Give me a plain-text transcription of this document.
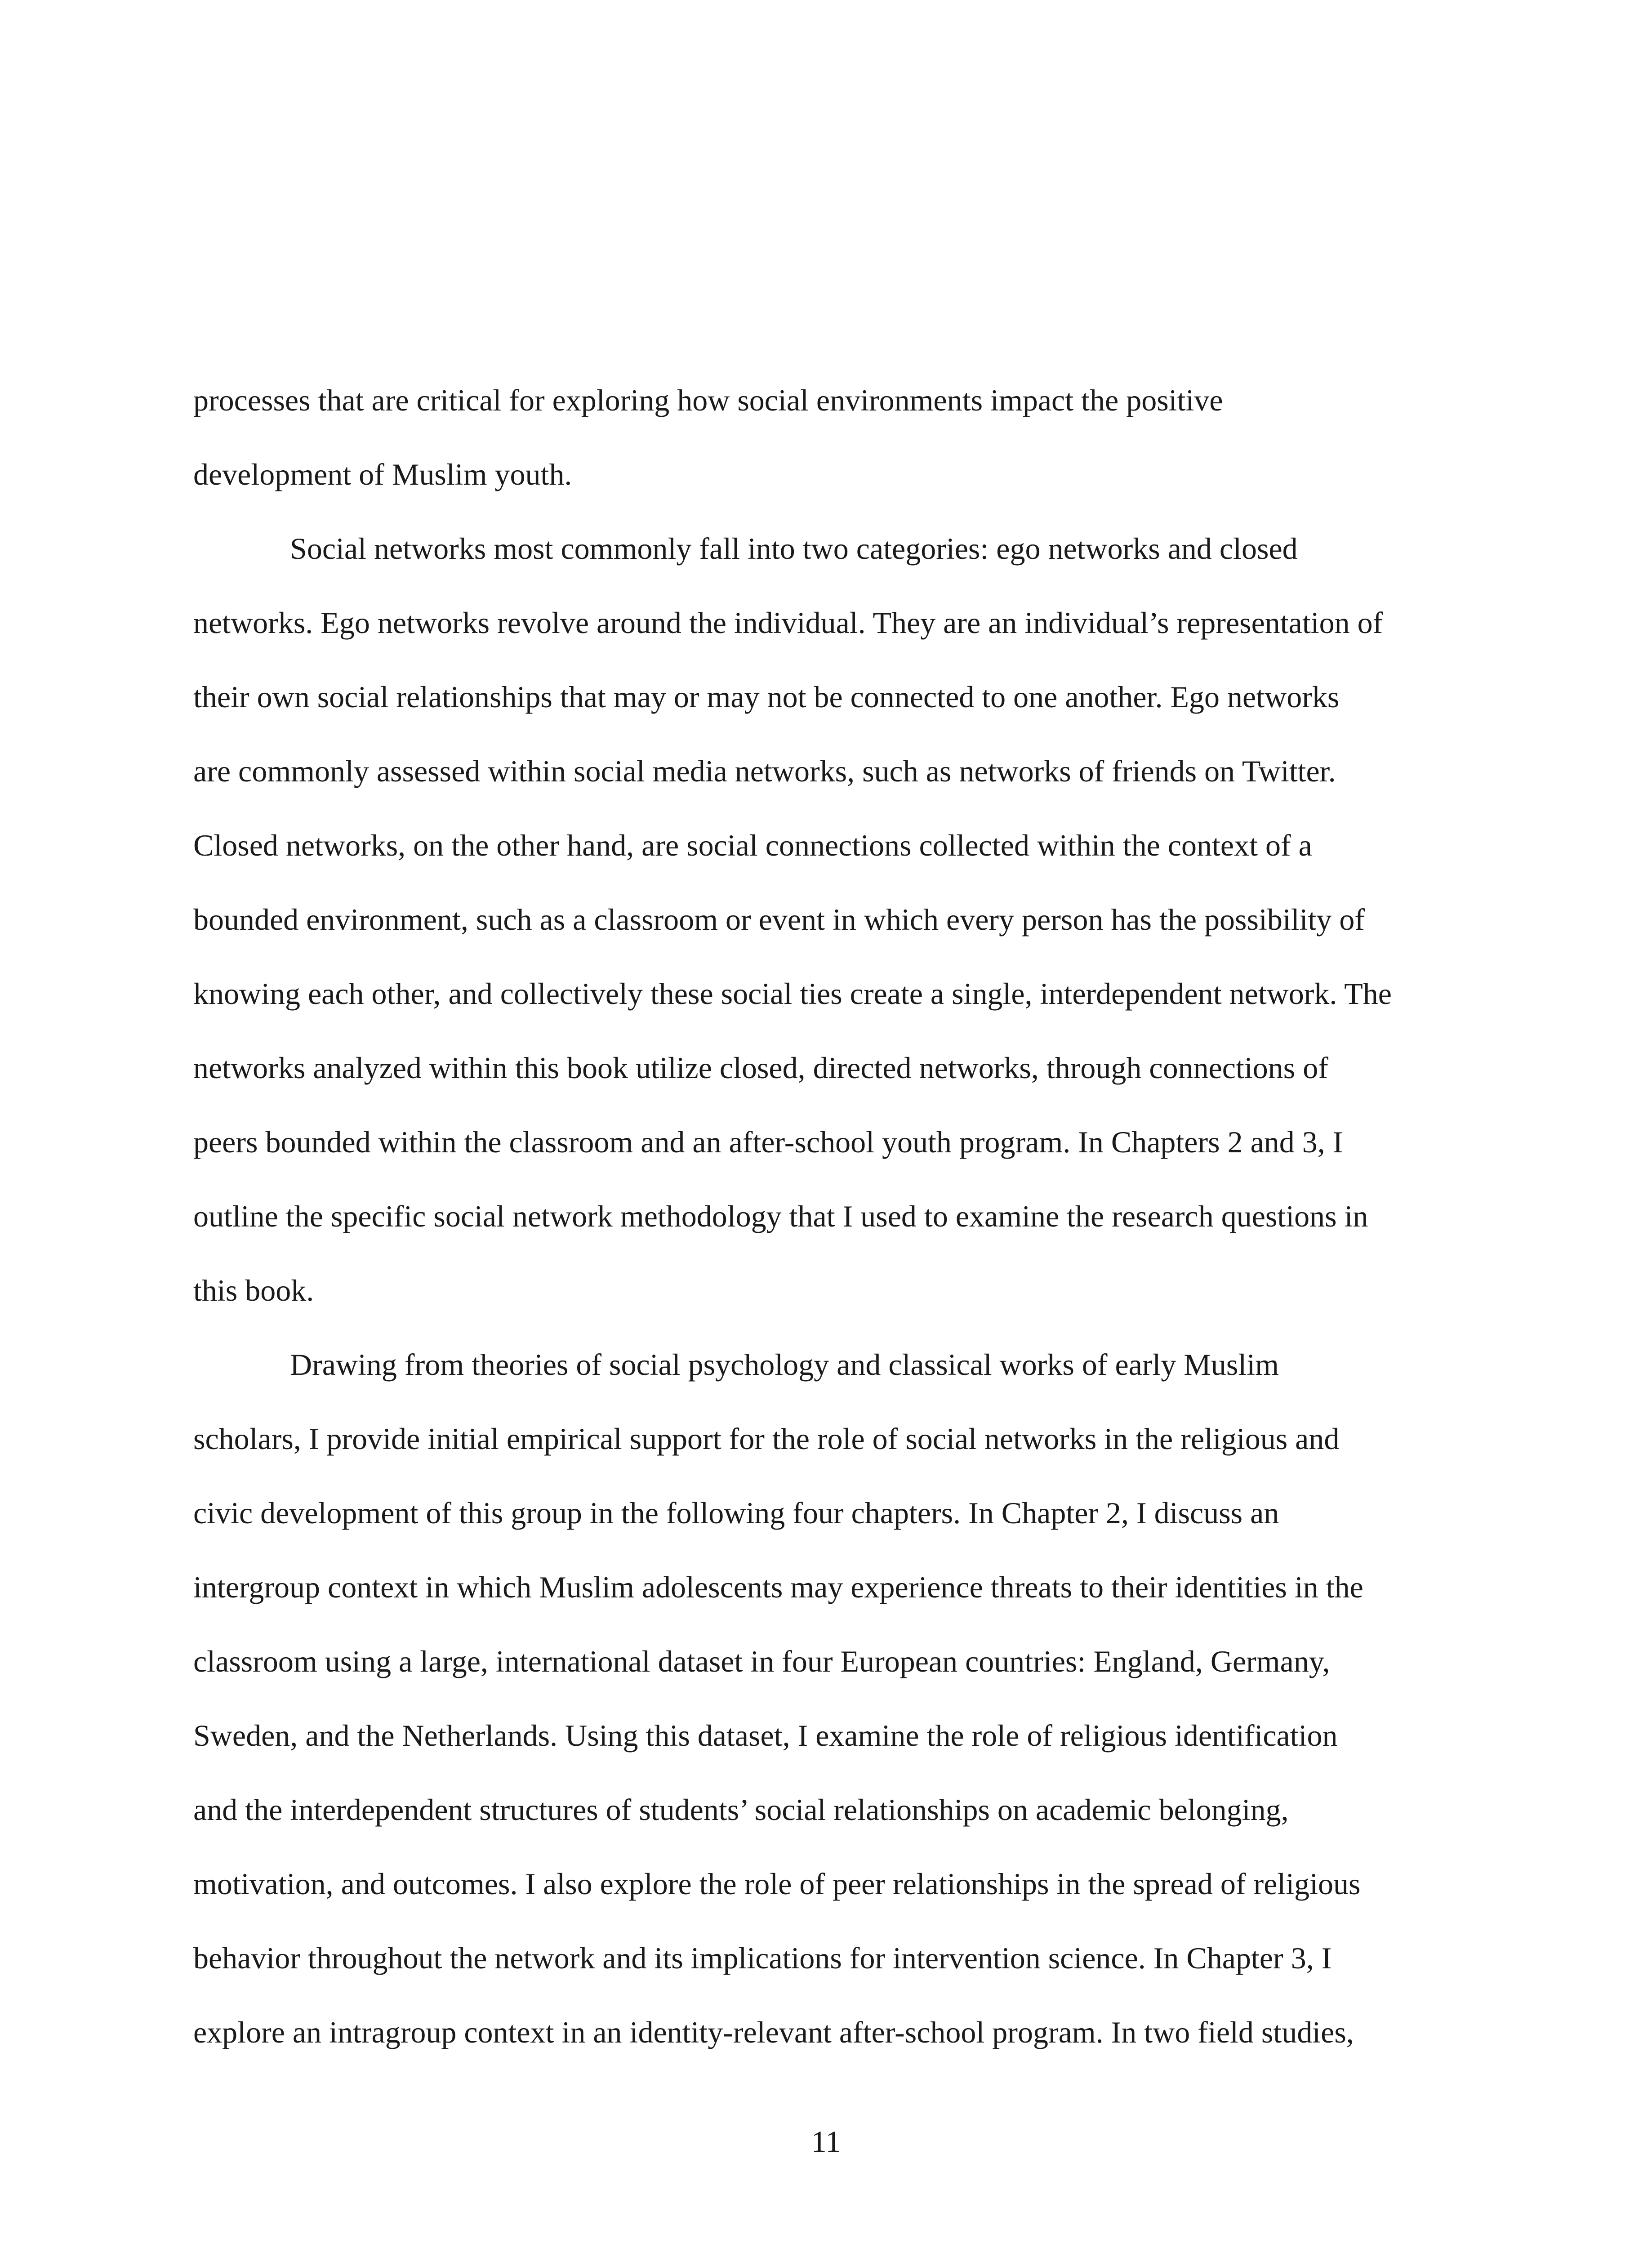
processes that are critical for exploring how social environments impact the positive
development of Muslim youth.
Social networks most commonly fall into two categories: ego networks and closed
networks. Ego networks revolve around the individual. They are an individual’s representation of
their own social relationships that may or may not be connected to one another. Ego networks
are commonly assessed within social media networks, such as networks of friends on Twitter.
Closed networks, on the other hand, are social connections collected within the context of a
bounded environment, such as a classroom or event in which every person has the possibility of
knowing each other, and collectively these social ties create a single, interdependent network. The
networks analyzed within this book utilize closed, directed networks, through connections of
peers bounded within the classroom and an after-school youth program. In Chapters 2 and 3, I
outline the specific social network methodology that I used to examine the research questions in
this book.
Drawing from theories of social psychology and classical works of early Muslim
scholars, I provide initial empirical support for the role of social networks in the religious and
civic development of this group in the following four chapters. In Chapter 2, I discuss an
intergroup context in which Muslim adolescents may experience threats to their identities in the
classroom using a large, international dataset in four European countries: England, Germany,
Sweden, and the Netherlands. Using this dataset, I examine the role of religious identification
and the interdependent structures of students’ social relationships on academic belonging,
motivation, and outcomes. I also explore the role of peer relationships in the spread of religious
behavior throughout the network and its implications for intervention science. In Chapter 3, I
explore an intragroup context in an identity-relevant after-school program. In two field studies,
11
